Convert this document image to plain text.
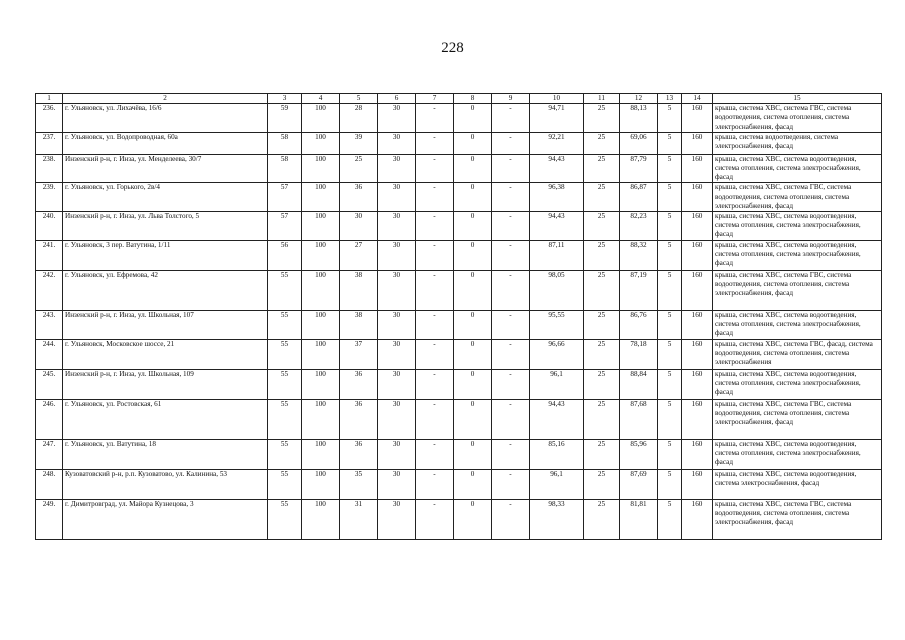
228
1	2	3	4	5	6	7	8	9	10	11	12	13	14	15
236.	г. Ульяновск, ул. Лихачёва, 16/6	59	100	28	30	-	0	-	94,71	25	88,13	5	160	крыша, система ХВС, система ГВС, система водоотведения, система отопления, система электроснабжения, фасад
237.	г. Ульяновск, ул. Водопроводная, 60а	58	100	39	30	-	0	-	92,21	25	69,06	5	160	крыша, система водоотведения, система электроснабжения, фасад
238.	Инзенский р-н, г. Инза, ул. Менделеева, 30/7	58	100	25	30	-	0	-	94,43	25	87,79	5	160	крыша, система ХВС, система водоотведения, система отопления, система электроснабжения, фасад
239.	г. Ульяновск, ул. Горького, 2в/4	57	100	36	30	-	0	-	96,38	25	86,87	5	160	крыша, система ХВС, система ГВС, система водоотведения, система отопления, система электроснабжения, фасад
240.	Инзенский р-н, г. Инза, ул. Льва Толстого, 5	57	100	30	30	-	0	-	94,43	25	82,23	5	160	крыша, система ХВС, система водоотведения, система отопления, система электроснабжения, фасад
241.	г. Ульяновск, 3 пер. Ватутина, 1/11	56	100	27	30	-	0	-	87,11	25	88,32	5	160	крыша, система ХВС, система водоотведения, система отопления, система электроснабжения, фасад
242.	г. Ульяновск, ул. Ефремова, 42	55	100	38	30	-	0	-	98,05	25	87,19	5	160	крыша, система ХВС, система ГВС, система водоотведения, система отопления, система электроснабжения, фасад
243.	Инзенский р-н, г. Инза, ул. Школьная, 107	55	100	38	30	-	0	-	95,55	25	86,76	5	160	крыша, система ХВС, система водоотведения, система отопления, система электроснабжения, фасад
244.	г. Ульяновск, Московское шоссе, 21	55	100	37	30	-	0	-	96,66	25	78,18	5	160	крыша, система ХВС, система ГВС, фасад, система водоотведения, система отопления, система электроснабжения
245.	Инзенский р-н, г. Инза, ул. Школьная, 109	55	100	36	30	-	0	-	96,1	25	88,84	5	160	крыша, система ХВС, система водоотведения, система отопления, система электроснабжения, фасад
246.	г. Ульяновск, ул. Ростовская, 61	55	100	36	30	-	0	-	94,43	25	87,68	5	160	крыша, система ХВС, система ГВС, система водоотведения, система отопления, система электроснабжения, фасад
247.	г. Ульяновск, ул. Ватутина, 18	55	100	36	30	-	0	-	85,16	25	85,96	5	160	крыша, система ХВС, система водоотведения, система отопления, система электроснабжения, фасад
248.	Кузоватовский р-н, р.п. Кузоватово, ул. Калинина, 53	55	100	35	30	-	0	-	96,1	25	87,69	5	160	крыша, система ХВС, система водоотведения, система электроснабжения, фасад
249.	г. Димитровград, ул. Майора Кузнецова, 3	55	100	31	30	-	0	-	98,33	25	81,81	5	160	крыша, система ХВС, система ГВС, система водоотведения, система отопления, система электроснабжения, фасад
